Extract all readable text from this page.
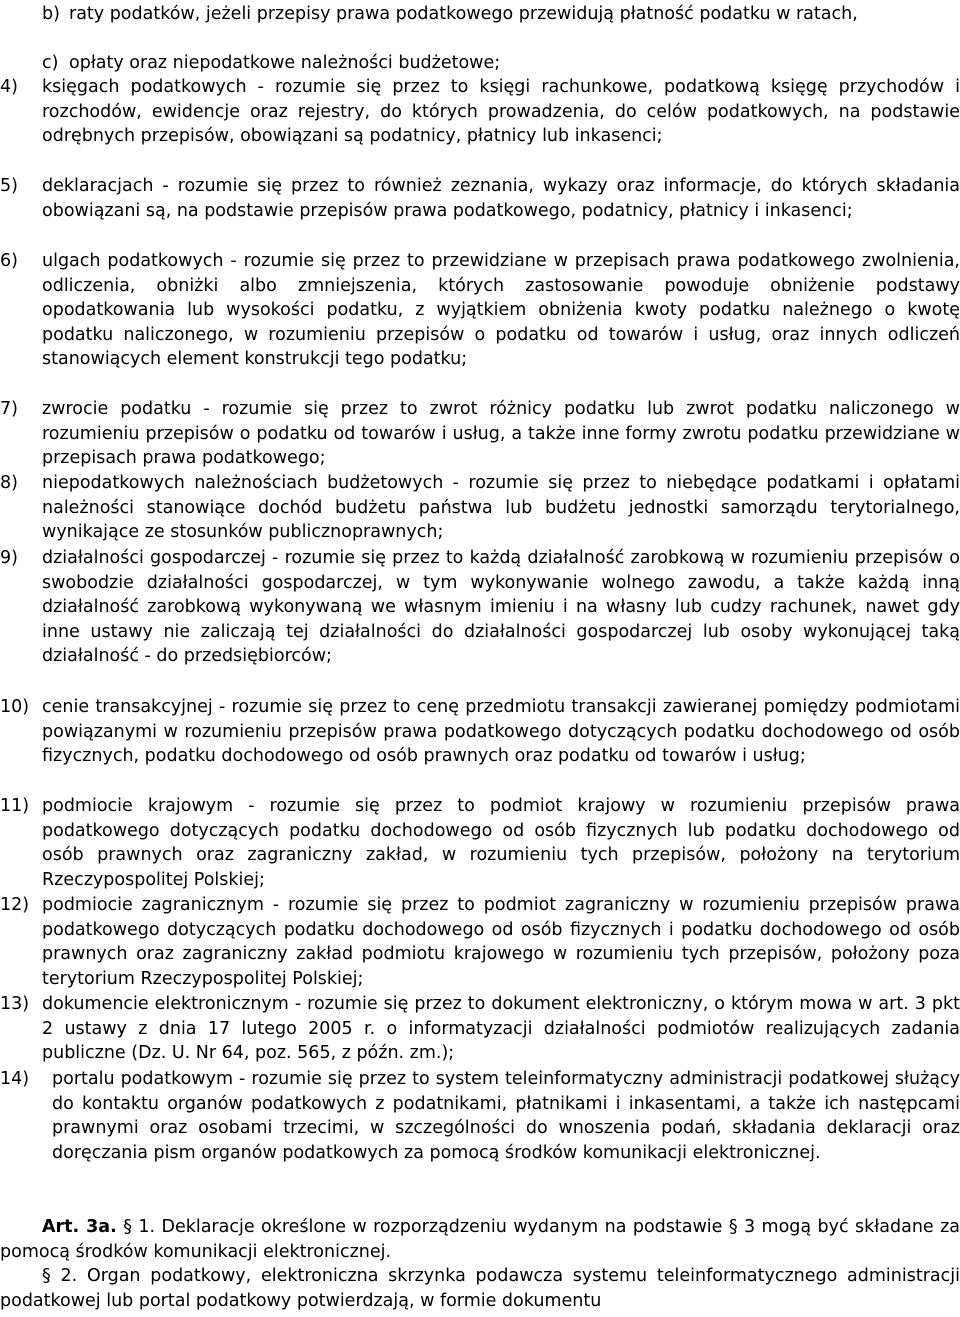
b) raty podatków, jeżeli przepisy prawa podatkowego przewidują płatność podatku w ratach,
c) opłaty oraz niepodatkowe należności budżetowe;
4) księgach podatkowych - rozumie się przez to księgi rachunkowe, podatkową księgę przychodów i rozchodów, ewidencje oraz rejestry, do których prowadzenia, do celów podatkowych, na podstawie odrębnych przepisów, obowiązani są podatnicy, płatnicy lub inkasenci;
5) deklaracjach - rozumie się przez to również zeznania, wykazy oraz informacje, do których składania obowiązani są, na podstawie przepisów prawa podatkowego, podatnicy, płatnicy i inkasenci;
6) ulgach podatkowych - rozumie się przez to przewidziane w przepisach prawa podatkowego zwolnienia, odliczenia, obniżki albo zmniejszenia, których zastosowanie powoduje obniżenie podstawy opodatkowania lub wysokości podatku, z wyjątkiem obniżenia kwoty podatku należnego o kwotę podatku naliczonego, w rozumieniu przepisów o podatku od towarów i usług, oraz innych odliczeń stanowiących element konstrukcji tego podatku;
7) zwrocie podatku - rozumie się przez to zwrot różnicy podatku lub zwrot podatku naliczonego w rozumieniu przepisów o podatku od towarów i usług, a także inne formy zwrotu podatku przewidziane w przepisach prawa podatkowego;
8) niepodatkowych należnościach budżetowych - rozumie się przez to niebędące podatkami i opłatami należności stanowiące dochód budżetu państwa lub budżetu jednostki samorządu terytorialnego, wynikające ze stosunków publicznoprawnych;
9) działalności gospodarczej - rozumie się przez to każdą działalność zarobkową w rozumieniu przepisów o swobodzie działalności gospodarczej, w tym wykonywanie wolnego zawodu, a także każdą inną działalność zarobkową wykonywaną we własnym imieniu i na własny lub cudzy rachunek, nawet gdy inne ustawy nie zaliczają tej działalności do działalności gospodarczej lub osoby wykonującej taką działalność - do przedsiębiorców;
10) cenie transakcyjnej - rozumie się przez to cenę przedmiotu transakcji zawieranej pomiędzy podmiotami powiązanymi w rozumieniu przepisów prawa podatkowego dotyczących podatku dochodowego od osób fizycznych, podatku dochodowego od osób prawnych oraz podatku od towarów i usług;
11) podmiocie krajowym - rozumie się przez to podmiot krajowy w rozumieniu przepisów prawa podatkowego dotyczących podatku dochodowego od osób fizycznych lub podatku dochodowego od osób prawnych oraz zagraniczny zakład, w rozumieniu tych przepisów, położony na terytorium Rzeczypospolitej Polskiej;
12) podmiocie zagranicznym - rozumie się przez to podmiot zagraniczny w rozumieniu przepisów prawa podatkowego dotyczących podatku dochodowego od osób fizycznych i podatku dochodowego od osób prawnych oraz zagraniczny zakład podmiotu krajowego w rozumieniu tych przepisów, położony poza terytorium Rzeczypospolitej Polskiej;
13) dokumencie elektronicznym - rozumie się przez to dokument elektroniczny, o którym mowa w art. 3 pkt 2 ustawy z dnia 17 lutego 2005 r. o informatyzacji działalności podmiotów realizujących zadania publiczne (Dz. U. Nr 64, poz. 565, z późn. zm.);
14) portalu podatkowym - rozumie się przez to system teleinformatyczny administracji podatkowej służący do kontaktu organów podatkowych z podatnikami, płatnikami i inkasentami, a także ich następcami prawnymi oraz osobami trzecimi, w szczególności do wnoszenia podań, składania deklaracji oraz doręczania pism organów podatkowych za pomocą środków komunikacji elektronicznej.
Art. 3a. § 1. Deklaracje określone w rozporządzeniu wydanym na podstawie § 3 mogą być składane za pomocą środków komunikacji elektronicznej.
§ 2. Organ podatkowy, elektroniczna skrzynka podawcza systemu teleinformatycznego administracji podatkowej lub portal podatkowy potwierdzają, w formie dokumentu
